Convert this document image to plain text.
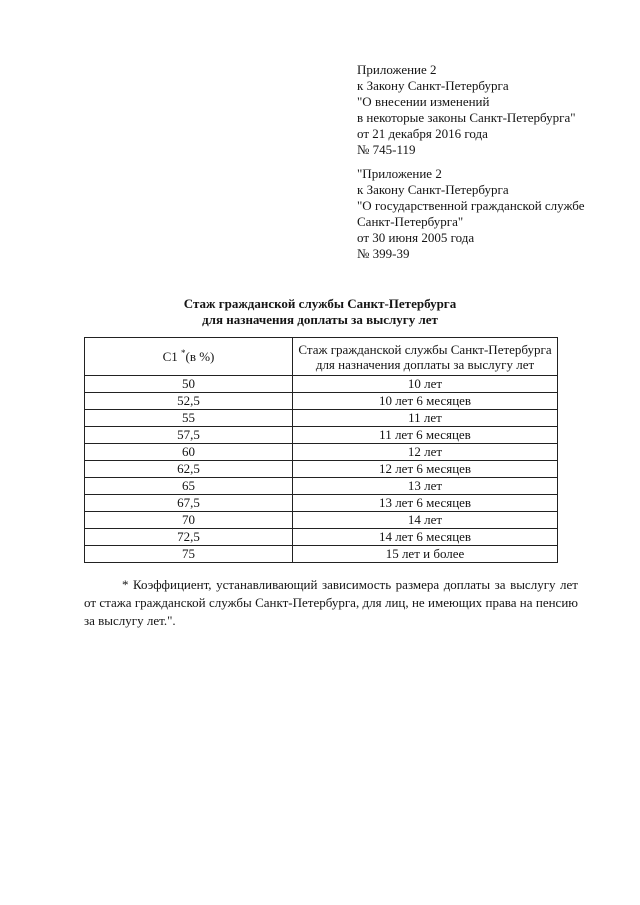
Приложение 2
к Закону Санкт-Петербурга
"О внесении изменений
в некоторые законы Санкт-Петербурга"
от 21 декабря 2016 года
№ 745-119
"Приложение 2
к Закону Санкт-Петербурга
"О государственной гражданской службе
Санкт-Петербурга"
от 30 июня 2005 года
№ 399-39
Стаж гражданской службы Санкт-Петербурга
для назначения доплаты за выслугу лет
С1 *(в %)	Стаж гражданской службы Санкт-Петербурга
для назначения доплаты за выслугу лет
50	10 лет
52,5	10 лет 6 месяцев
55	11 лет
57,5	11 лет 6 месяцев
60	12 лет
62,5	12 лет 6 месяцев
65	13 лет
67,5	13 лет 6 месяцев
70	14 лет
72,5	14 лет 6 месяцев
75	15 лет и более
* Коэффициент, устанавливающий зависимость размера доплаты за выслугу лет от стажа гражданской службы Санкт-Петербурга, для лиц, не имеющих права на пенсию за выслугу лет.".
